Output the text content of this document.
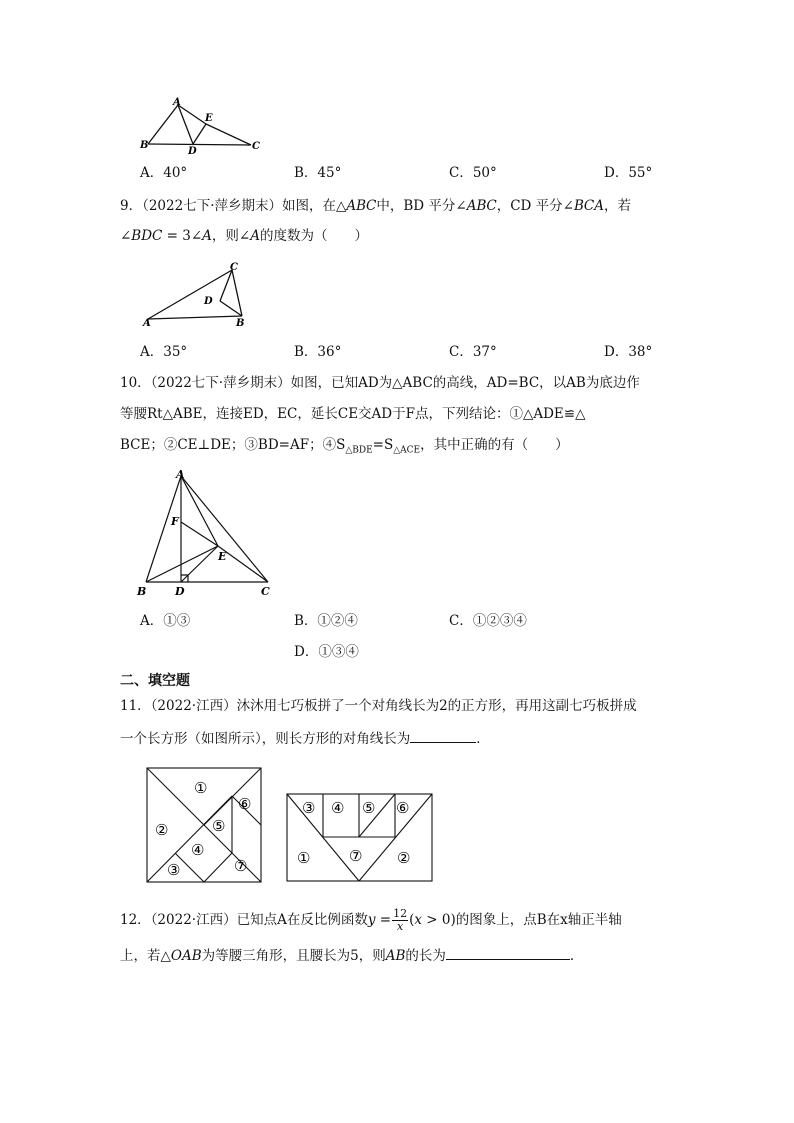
A
B
D
E
C
A．40°	B．45°	C．50°	D．55°
9．（2022七下·萍乡期末）如图，在△𝐴𝐵𝐶中，BD 平分∠𝐴𝐵𝐶，CD 平分∠𝐵𝐶𝐴，若
∠𝐵𝐷𝐶 = 3∠𝐴，则∠𝐴的度数为（　　）
C
D
A	B
A．35°	B．36°	C．37°	D．38°
10．（2022七下·萍乡期末）如图，已知AD为△ABC的高线，AD=BC，以AB为底边作
等腰Rt△ABE，连接ED，EC，延长CE交AD于F点，下列结论：①△ADE≌△
BCE；②CE⊥DE；③BD=AF；$④S_{\triangle BDE}=S_{\triangle ACE}$，其中正确的有（　　）
A
F
E
B	D	C
A．①③	B．①②④	C．①②③④
D．①③④
二、填空题
11．（2022·江西）沐沐用七巧板拼了一个对角线长为2的正方形，再用这副七巧板拼成
一个长方形（如图所示），则长方形的对角线长为	．
①
②
③
④
⑤
⑥
⑦
③ ④ ⑤ ⑥
①	⑦ ②
12．（2022·江西）已知点A在反比例函数𝑦 = $\frac{12}{\text{𝑥}}$ (𝑥 > 0)的图象上，点B在x轴正半轴
上，若△𝑂𝐴𝐵为等腰三角形，且腰长为5，则𝐴𝐵的长为	．
